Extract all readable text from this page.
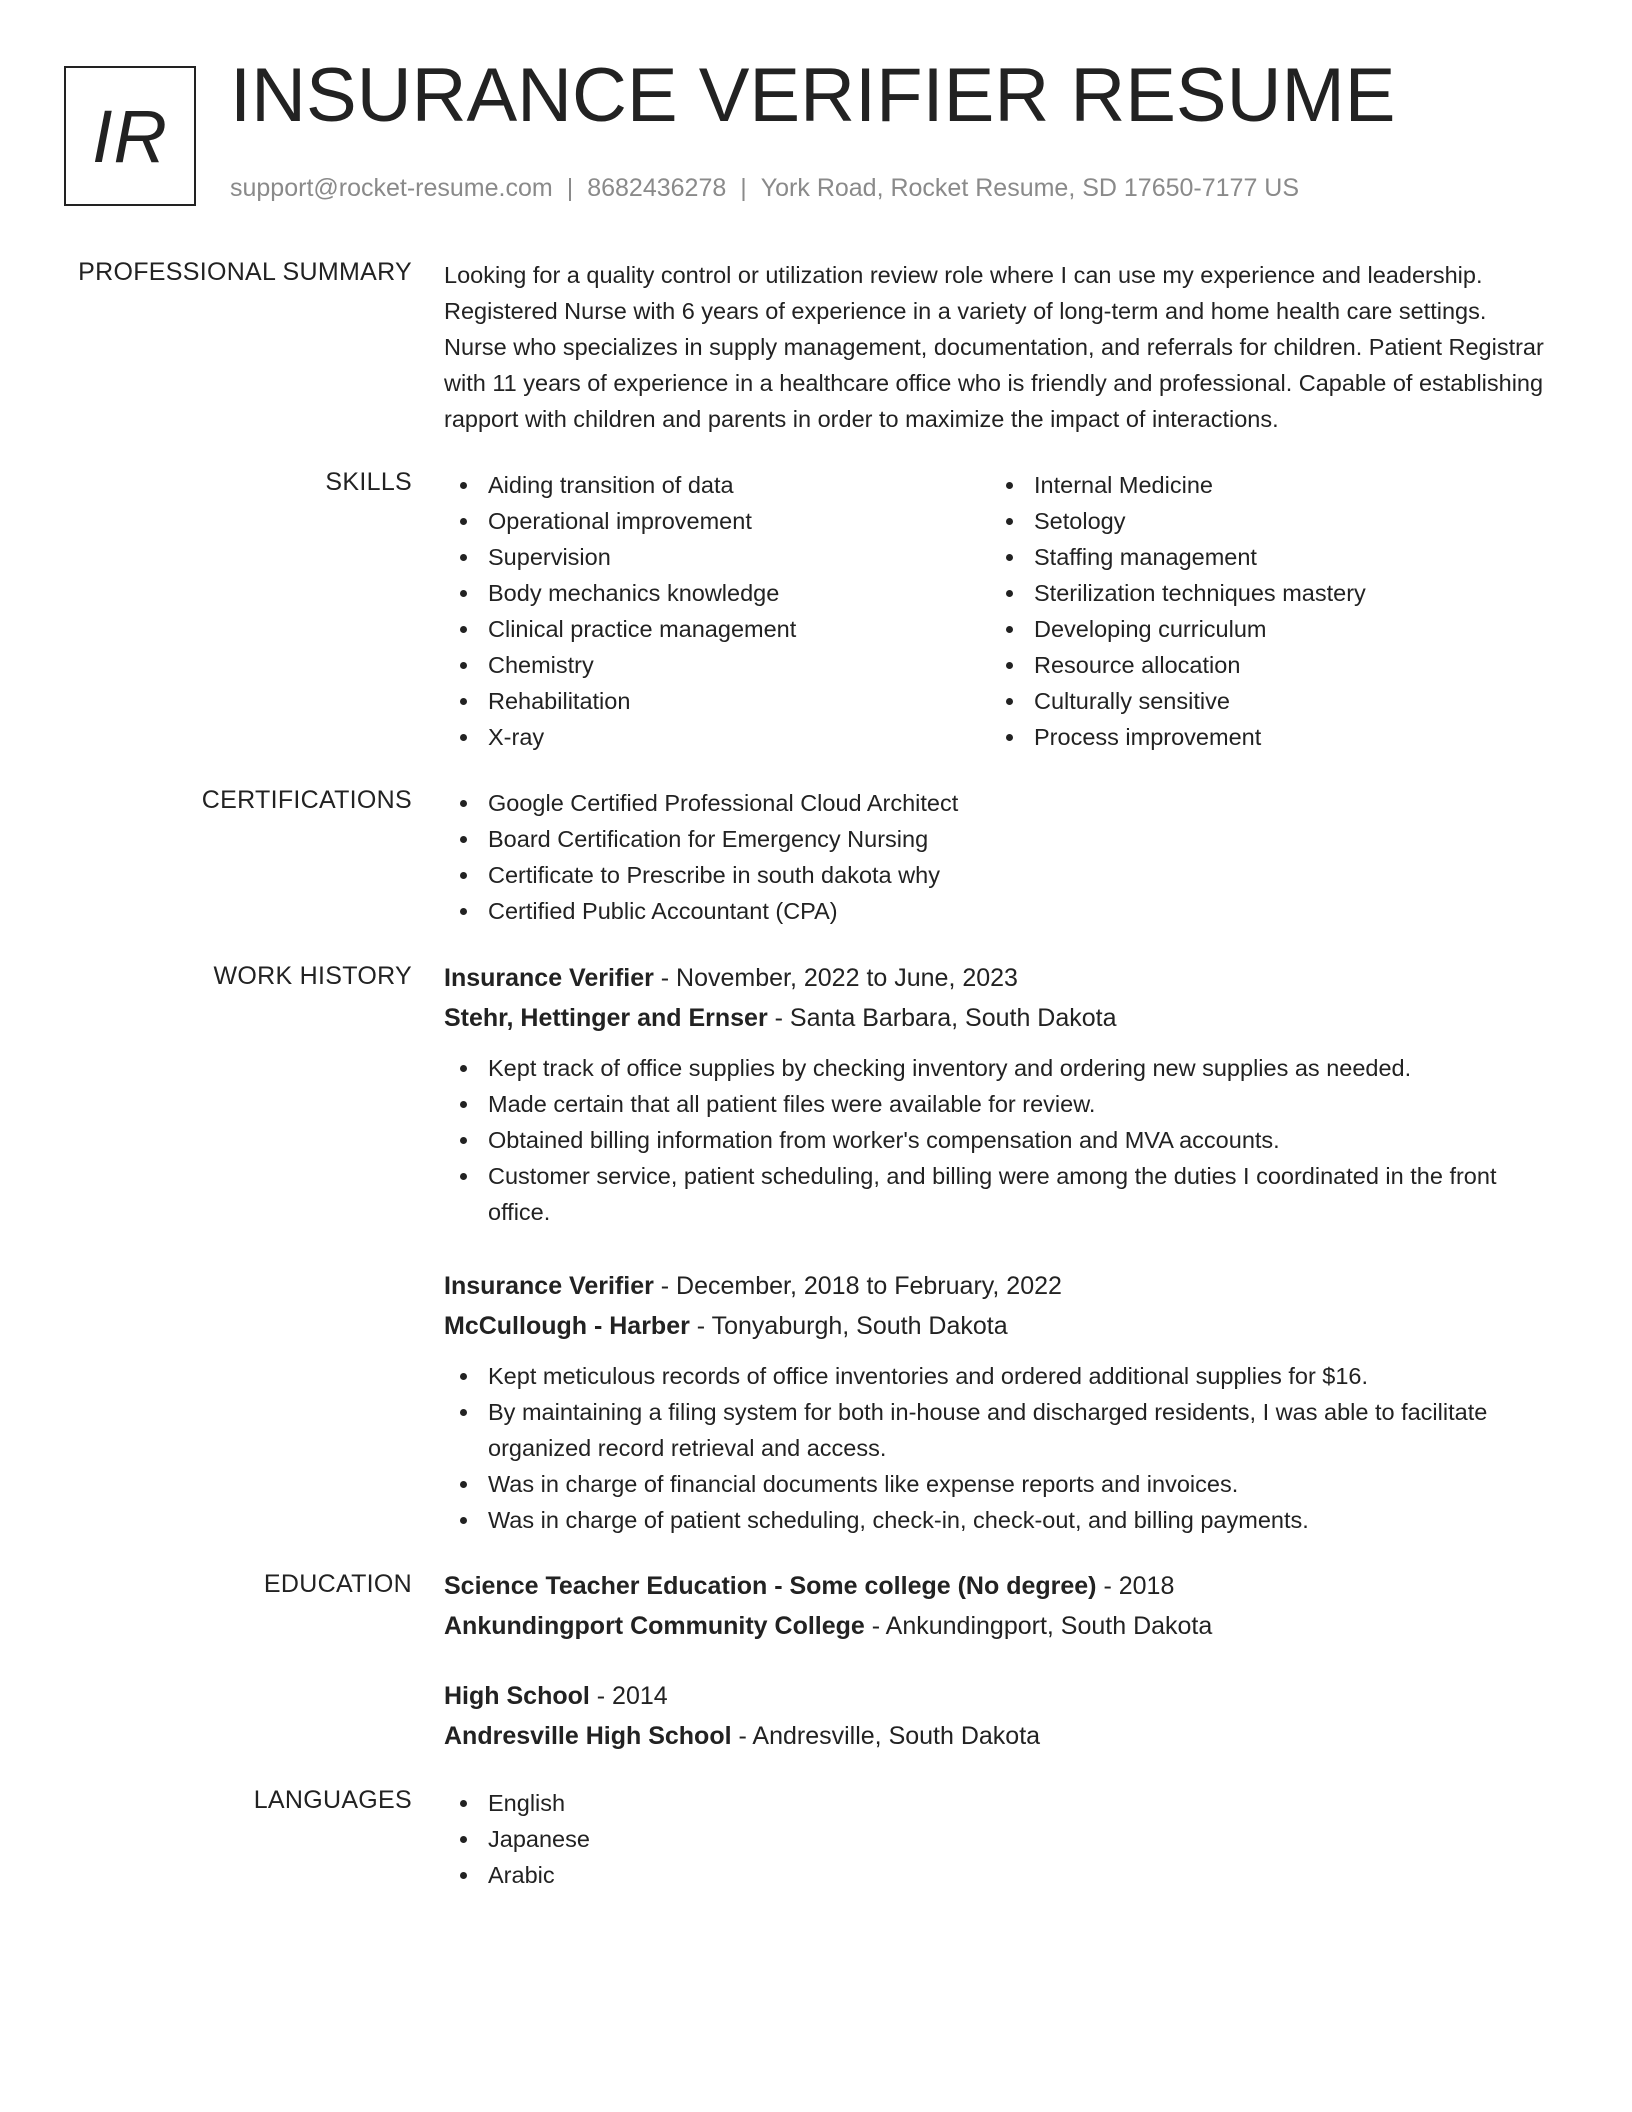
IR INSURANCE VERIFIER RESUME
support@rocket-resume.com | 8682436278 | York Road, Rocket Resume, SD 17650-7177 US
PROFESSIONAL SUMMARY Looking for a quality control or utilization review role where I can use my experience and leadership. Registered Nurse with 6 years of experience in a variety of long-term and home health care settings. Nurse who specializes in supply management, documentation, and referrals for children. Patient Registrar with 11 years of experience in a healthcare office who is friendly and professional. Capable of establishing rapport with children and parents in order to maximize the impact of interactions.

SKILLS	Aiding transition of data
Operational improvement
Supervision
Body mechanics knowledge
Clinical practice management
Chemistry
Rehabilitation
X-ray
Internal Medicine
Setology
Staffing management
Sterilization techniques mastery
Developing curriculum
Resource allocation
Culturally sensitive
Process improvement
CERTIFICATIONS	Google Certified Professional Cloud Architect
Board Certification for Emergency Nursing
Certificate to Prescribe in south dakota why
Certified Public Accountant (CPA)
WORK HISTORY Insurance Verifier - November, 2022 to June, 2023
Stehr, Hettinger and Ernser - Santa Barbara, South Dakota
Kept track of office supplies by checking inventory and ordering new supplies as needed.
Made certain that all patient files were available for review.
Obtained billing information from worker's compensation and MVA accounts.
Customer service, patient scheduling, and billing were among the duties I coordinated in the front office.
Insurance Verifier - December, 2018 to February, 2022
McCullough - Harber - Tonyaburgh, South Dakota
Kept meticulous records of office inventories and ordered additional supplies for $16.
By maintaining a filing system for both in-house and discharged residents, I was able to facilitate organized record retrieval and access.
Was in charge of financial documents like expense reports and invoices.
Was in charge of patient scheduling, check-in, check-out, and billing payments.
EDUCATION Science Teacher Education - Some college (No degree) - 2018
Ankundingport Community College - Ankundingport, South Dakota
High School - 2014
Andresville High School - Andresville, South Dakota
LANGUAGES	English
Japanese
Arabic
